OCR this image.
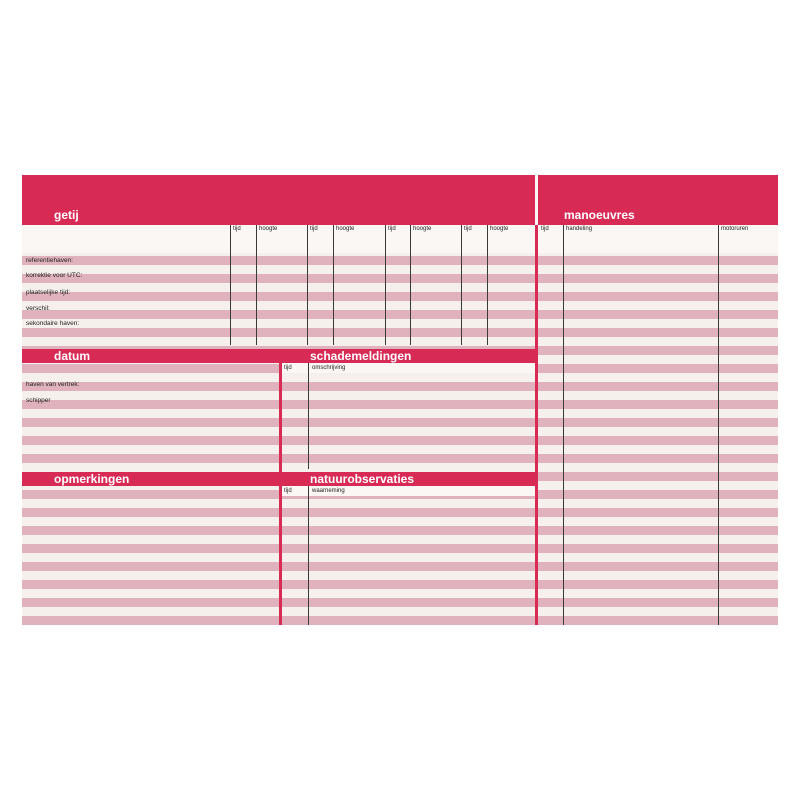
getij	manoeuvres
tijd	hoogte	tijd	hoogte	tijd	hoogte	tijd	hoogte
referentiehaven:
korrektie voor UTC:
plaatselijke tijd:
verschil:
sekondaire haven:
tijd	handeling	motoruren
datum	schademeldingen
tijd	omschrijving
haven van vertrek:
schipper
opmerkingen	natuurobservaties
tijd	waarneming
